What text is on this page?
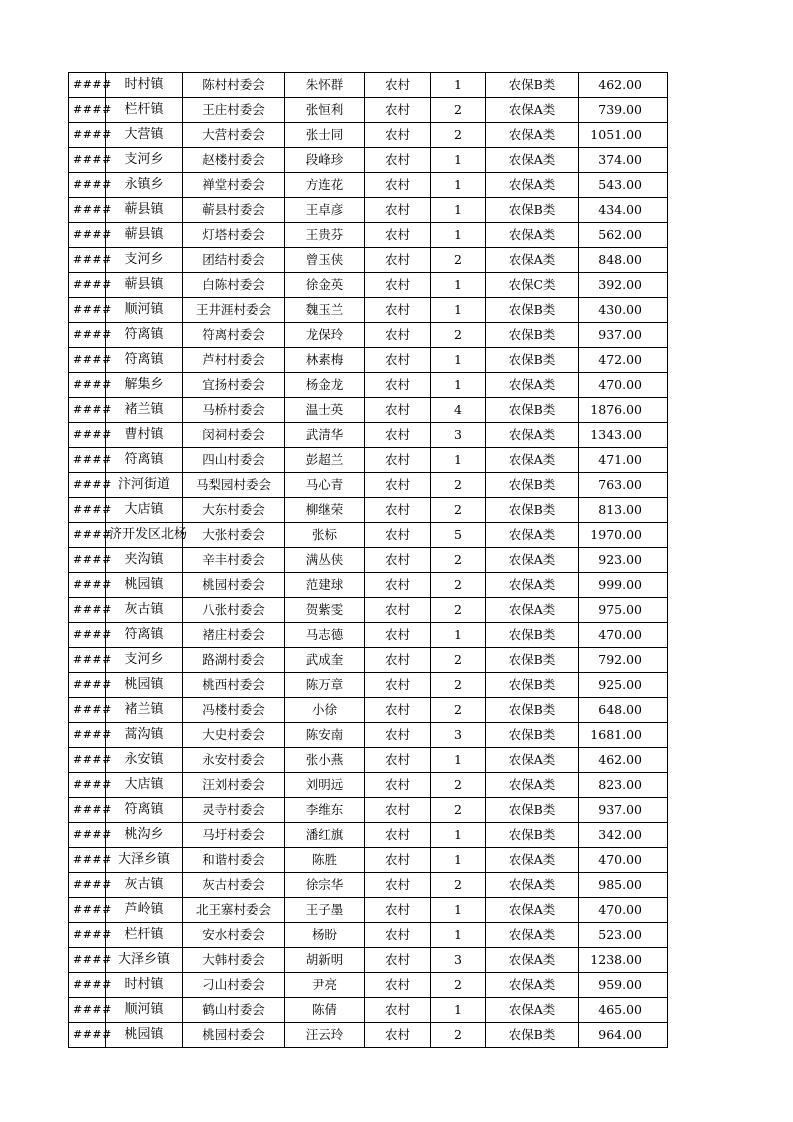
####	时村镇	陈村村委会	朱怀群	农村	1	农保B类	462.00
####	栏杆镇	王庄村委会	张恒利	农村	2	农保A类	739.00
####	大营镇	大营村委会	张士同	农村	2	农保A类	1051.00
####	支河乡	赵楼村委会	段峰珍	农村	1	农保A类	374.00
####	永镇乡	禅堂村委会	方连花	农村	1	农保A类	543.00
####	蕲县镇	蕲县村委会	王卓彦	农村	1	农保B类	434.00
####	蕲县镇	灯塔村委会	王贵芬	农村	1	农保A类	562.00
####	支河乡	团结村委会	曾玉侠	农村	2	农保A类	848.00
####	蕲县镇	白陈村委会	徐金英	农村	1	农保C类	392.00
####	顺河镇	王井涯村委会	魏玉兰	农村	1	农保B类	430.00
####	符离镇	符离村委会	龙保玲	农村	2	农保B类	937.00
####	符离镇	芦村村委会	林素梅	农村	1	农保B类	472.00
####	解集乡	宜扬村委会	杨金龙	农村	1	农保A类	470.00
####	褚兰镇	马桥村委会	温士英	农村	4	农保B类	1876.00
####	曹村镇	闵祠村委会	武清华	农村	3	农保A类	1343.00
####	符离镇	四山村委会	彭超兰	农村	1	农保A类	471.00
####	汴河街道	马梨园村委会	马心青	农村	2	农保B类	763.00
####	大店镇	大东村委会	柳继荣	农村	2	农保B类	813.00
####	济开发区北杨	大张村委会	张标	农村	5	农保A类	1970.00
####	夹沟镇	辛丰村委会	满丛侠	农村	2	农保A类	923.00
####	桃园镇	桃园村委会	范建球	农村	2	农保A类	999.00
####	灰古镇	八张村委会	贺紫雯	农村	2	农保A类	975.00
####	符离镇	褚庄村委会	马志德	农村	1	农保B类	470.00
####	支河乡	路湖村委会	武成奎	农村	2	农保B类	792.00
####	桃园镇	桃西村委会	陈万章	农村	2	农保B类	925.00
####	褚兰镇	冯楼村委会	小徐	农村	2	农保B类	648.00
####	蒿沟镇	大史村委会	陈安南	农村	3	农保B类	1681.00
####	永安镇	永安村委会	张小燕	农村	1	农保A类	462.00
####	大店镇	汪刘村委会	刘明远	农村	2	农保A类	823.00
####	符离镇	灵寺村委会	李维东	农村	2	农保B类	937.00
####	桃沟乡	马圩村委会	潘红旗	农村	1	农保B类	342.00
####	大泽乡镇	和谐村委会	陈胜	农村	1	农保A类	470.00
####	灰古镇	灰古村委会	徐宗华	农村	2	农保A类	985.00
####	芦岭镇	北王寨村委会	王子墨	农村	1	农保A类	470.00
####	栏杆镇	安水村委会	杨盼	农村	1	农保A类	523.00
####	大泽乡镇	大韩村委会	胡新明	农村	3	农保A类	1238.00
####	时村镇	刁山村委会	尹亮	农村	2	农保A类	959.00
####	顺河镇	鹤山村委会	陈倩	农村	1	农保A类	465.00
####	桃园镇	桃园村委会	汪云玲	农村	2	农保B类	964.00
